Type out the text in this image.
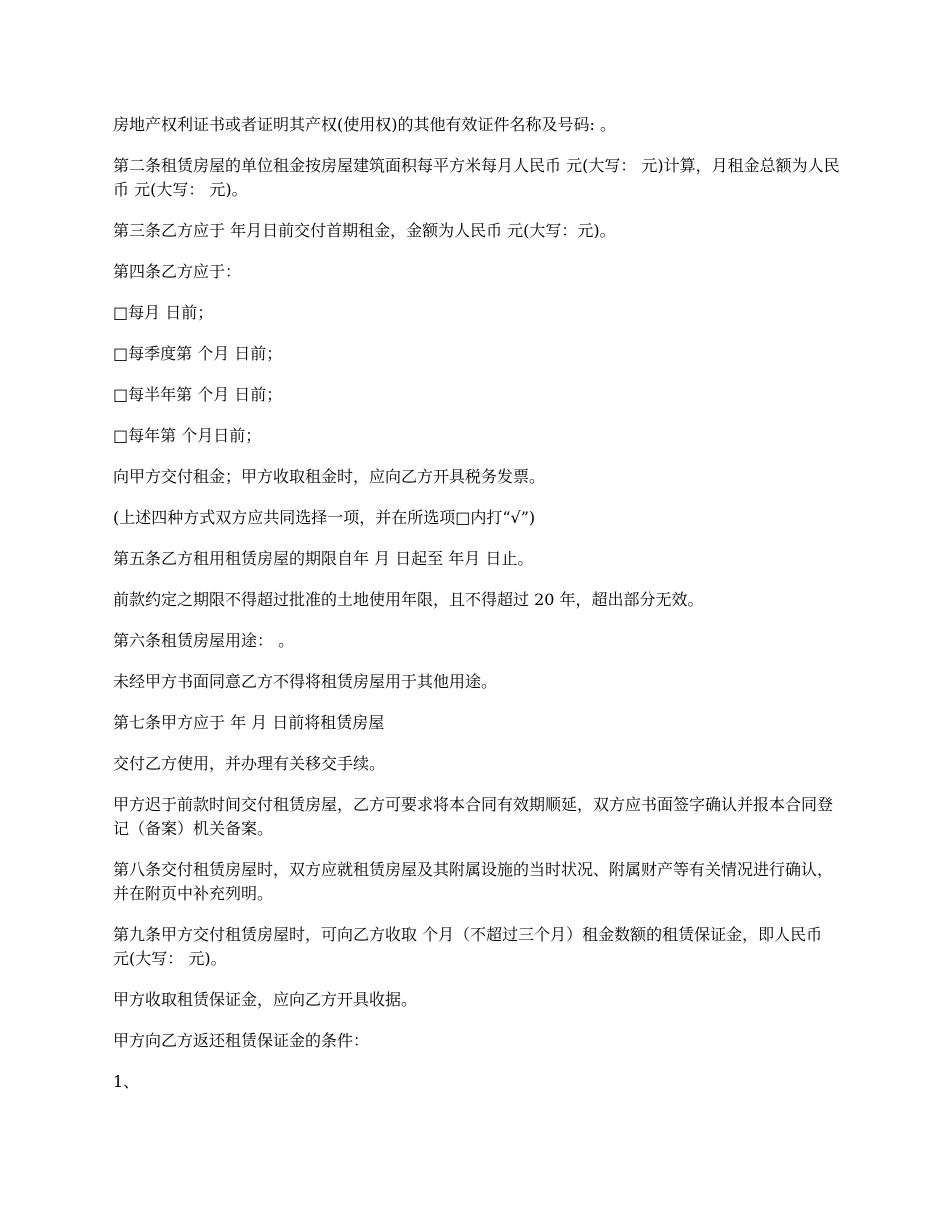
房地产权利证书或者证明其产权(使用权)的其他有效证件名称及号码: 。

第二条租赁房屋的单位租金按房屋建筑面积每平方米每月人民币 元(大写： 元)计算，月租金总额为人民币 元(大写： 元)。

第三条乙方应于 年月日前交付首期租金，金额为人民币 元(大写：元)。

第四条乙方应于：

□每月 日前；

□每季度第 个月 日前；

□每半年第 个月 日前；

□每年第 个月日前；

向甲方交付租金；甲方收取租金时，应向乙方开具税务发票。

(上述四种方式双方应共同选择一项，并在所选项□内打“√”)

第五条乙方租用租赁房屋的期限自年 月 日起至 年月 日止。

前款约定之期限不得超过批准的土地使用年限，且不得超过 20 年，超出部分无效。

第六条租赁房屋用途： 。

未经甲方书面同意乙方不得将租赁房屋用于其他用途。

第七条甲方应于 年 月 日前将租赁房屋

交付乙方使用，并办理有关移交手续。

甲方迟于前款时间交付租赁房屋，乙方可要求将本合同有效期顺延，双方应书面签字确认并报本合同登记（备案）机关备案。

第八条交付租赁房屋时，双方应就租赁房屋及其附属设施的当时状况、附属财产等有关情况进行确认，并在附页中补充列明。

第九条甲方交付租赁房屋时，可向乙方收取 个月（不超过三个月）租金数额的租赁保证金，即人民币 元(大写： 元)。

甲方收取租赁保证金，应向乙方开具收据。

甲方向乙方返还租赁保证金的条件：

1、
